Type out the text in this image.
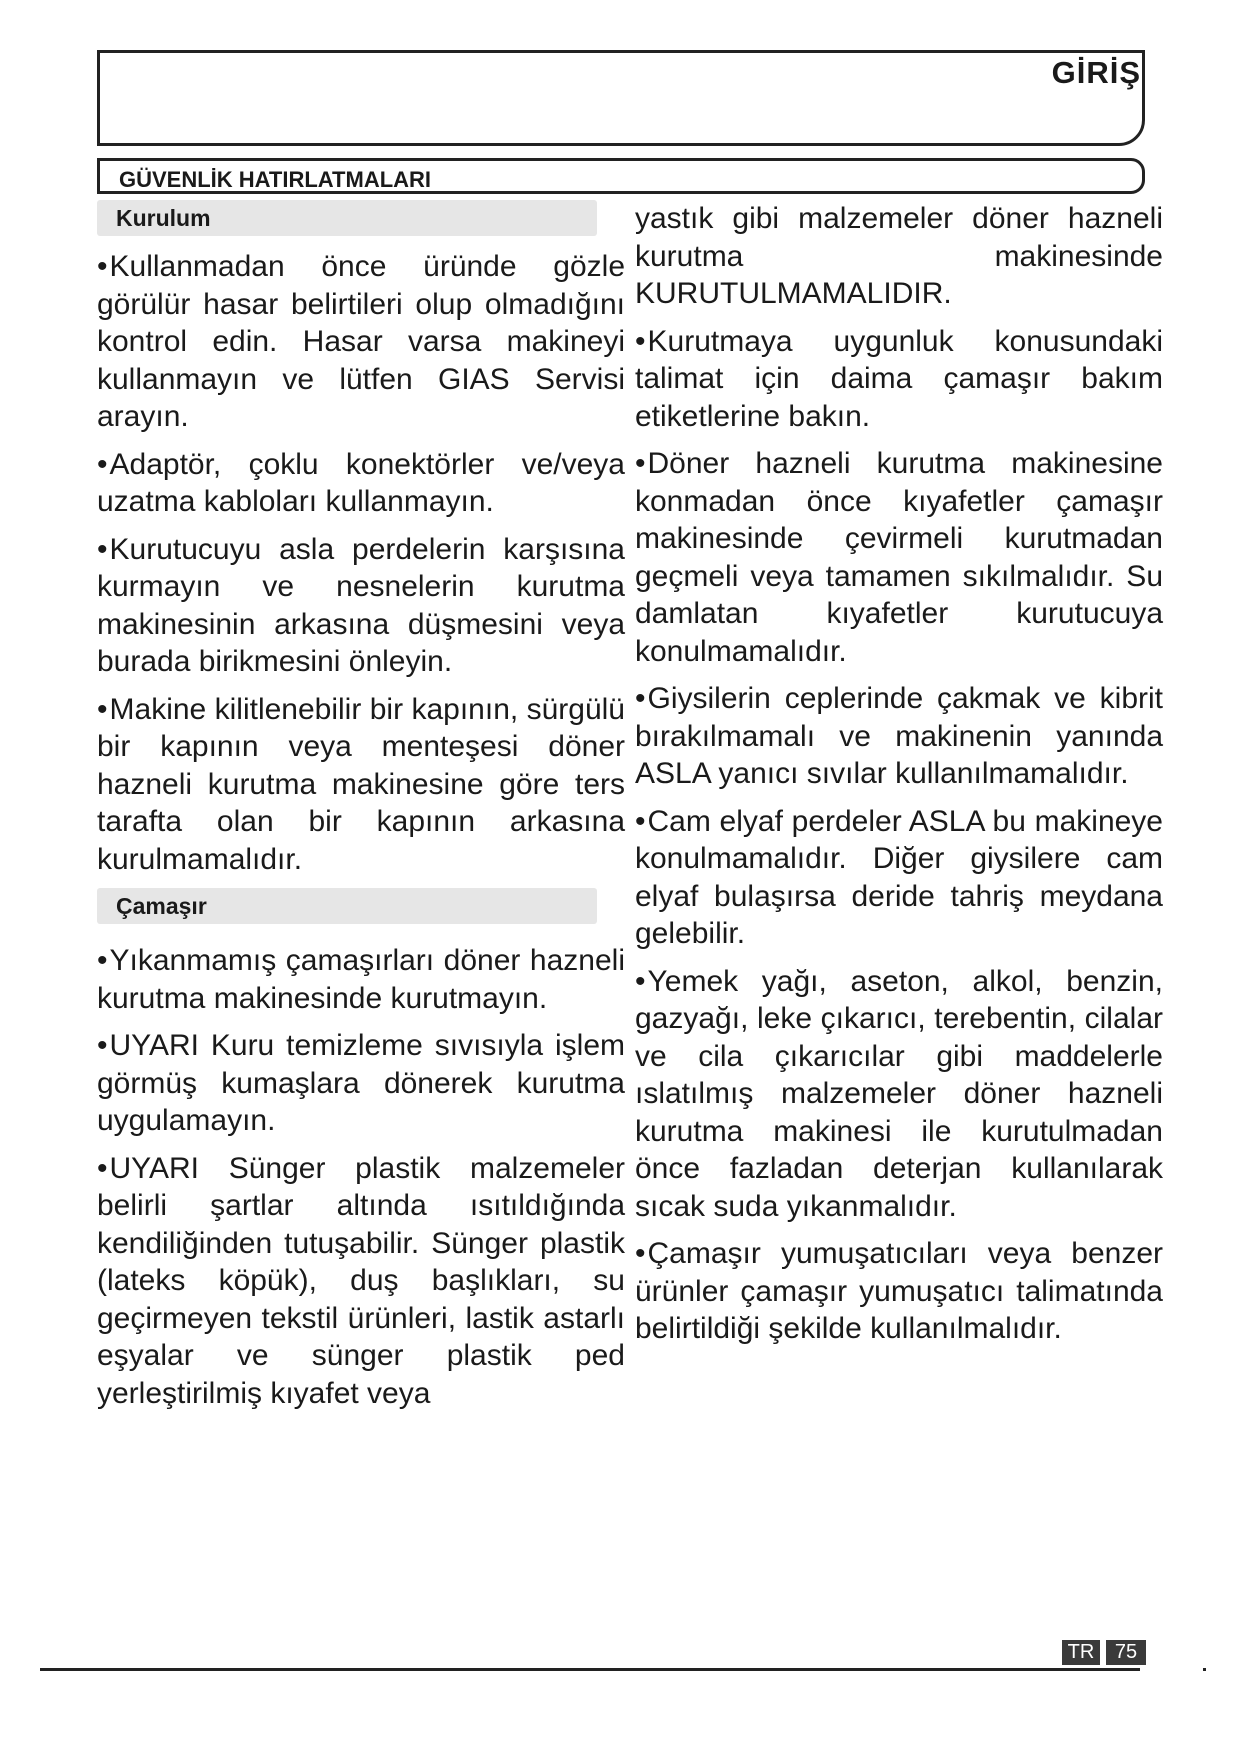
GİRİŞ
GÜVENLİK HATIRLATMALARI
Kurulum

• Kullanmadan önce üründe gözle görülür hasar belirtileri olup olmadığını kontrol edin. Hasar varsa makineyi kullanmayın ve lütfen GIAS Servisi arayın.

• Adaptör, çoklu konektörler ve/veya uzatma kabloları kullanmayın.

• Kurutucuyu asla perdelerin karşısına kurmayın ve nesnelerin kurutma makinesinin arkasına düşmesini veya burada birikmesini önleyin.

• Makine kilitlenebilir bir kapının, sürgülü bir kapının veya menteşesi döner hazneli kurutma makinesine göre ters tarafta olan bir kapının arkasına kurulmamalıdır.

Çamaşır

• Yıkanmamış çamaşırları döner hazneli kurutma makinesinde kurutmayın.

• UYARI Kuru temizleme sıvısıyla işlem görmüş kumaşlara dönerek kurutma uygulamayın.

• UYARI Sünger plastik malzemeler belirli şartlar altında ısıtıldığında kendiliğinden tutuşabilir. Sünger plastik (lateks köpük), duş başlıkları, su geçirmeyen tekstil ürünleri, lastik astarlı eşyalar ve sünger plastik ped yerleştirilmiş kıyafet veya

yastık gibi malzemeler döner hazneli kurutma makinesinde KURUTULMAMALIDIR.

• Kurutmaya uygunluk konusundaki talimat için daima çamaşır bakım etiketlerine bakın.

• Döner hazneli kurutma makinesine konmadan önce kıyafetler çamaşır makinesinde çevirmeli kurutmadan geçmeli veya tamamen sıkılmalıdır. Su damlatan kıyafetler kurutucuya konulmamalıdır.

• Giysilerin ceplerinde çakmak ve kibrit bırakılmamalı ve makinenin yanında ASLA yanıcı sıvılar kullanılmamalıdır.

• Cam elyaf perdeler ASLA bu makineye konulmamalıdır. Diğer giysilere cam elyaf bulaşırsa deride tahriş meydana gelebilir.

• Yemek yağı, aseton, alkol, benzin, gazyağı, leke çıkarıcı, terebentin, cilalar ve cila çıkarıcılar gibi maddelerle ıslatılmış malzemeler döner hazneli kurutma makinesi ile kurutulmadan önce fazladan deterjan kullanılarak sıcak suda yıkanmalıdır.

• Çamaşır yumuşatıcıları veya benzer ürünler çamaşır yumuşatıcı talimatında belirtildiği şekilde kullanılmalıdır.

TR	75
